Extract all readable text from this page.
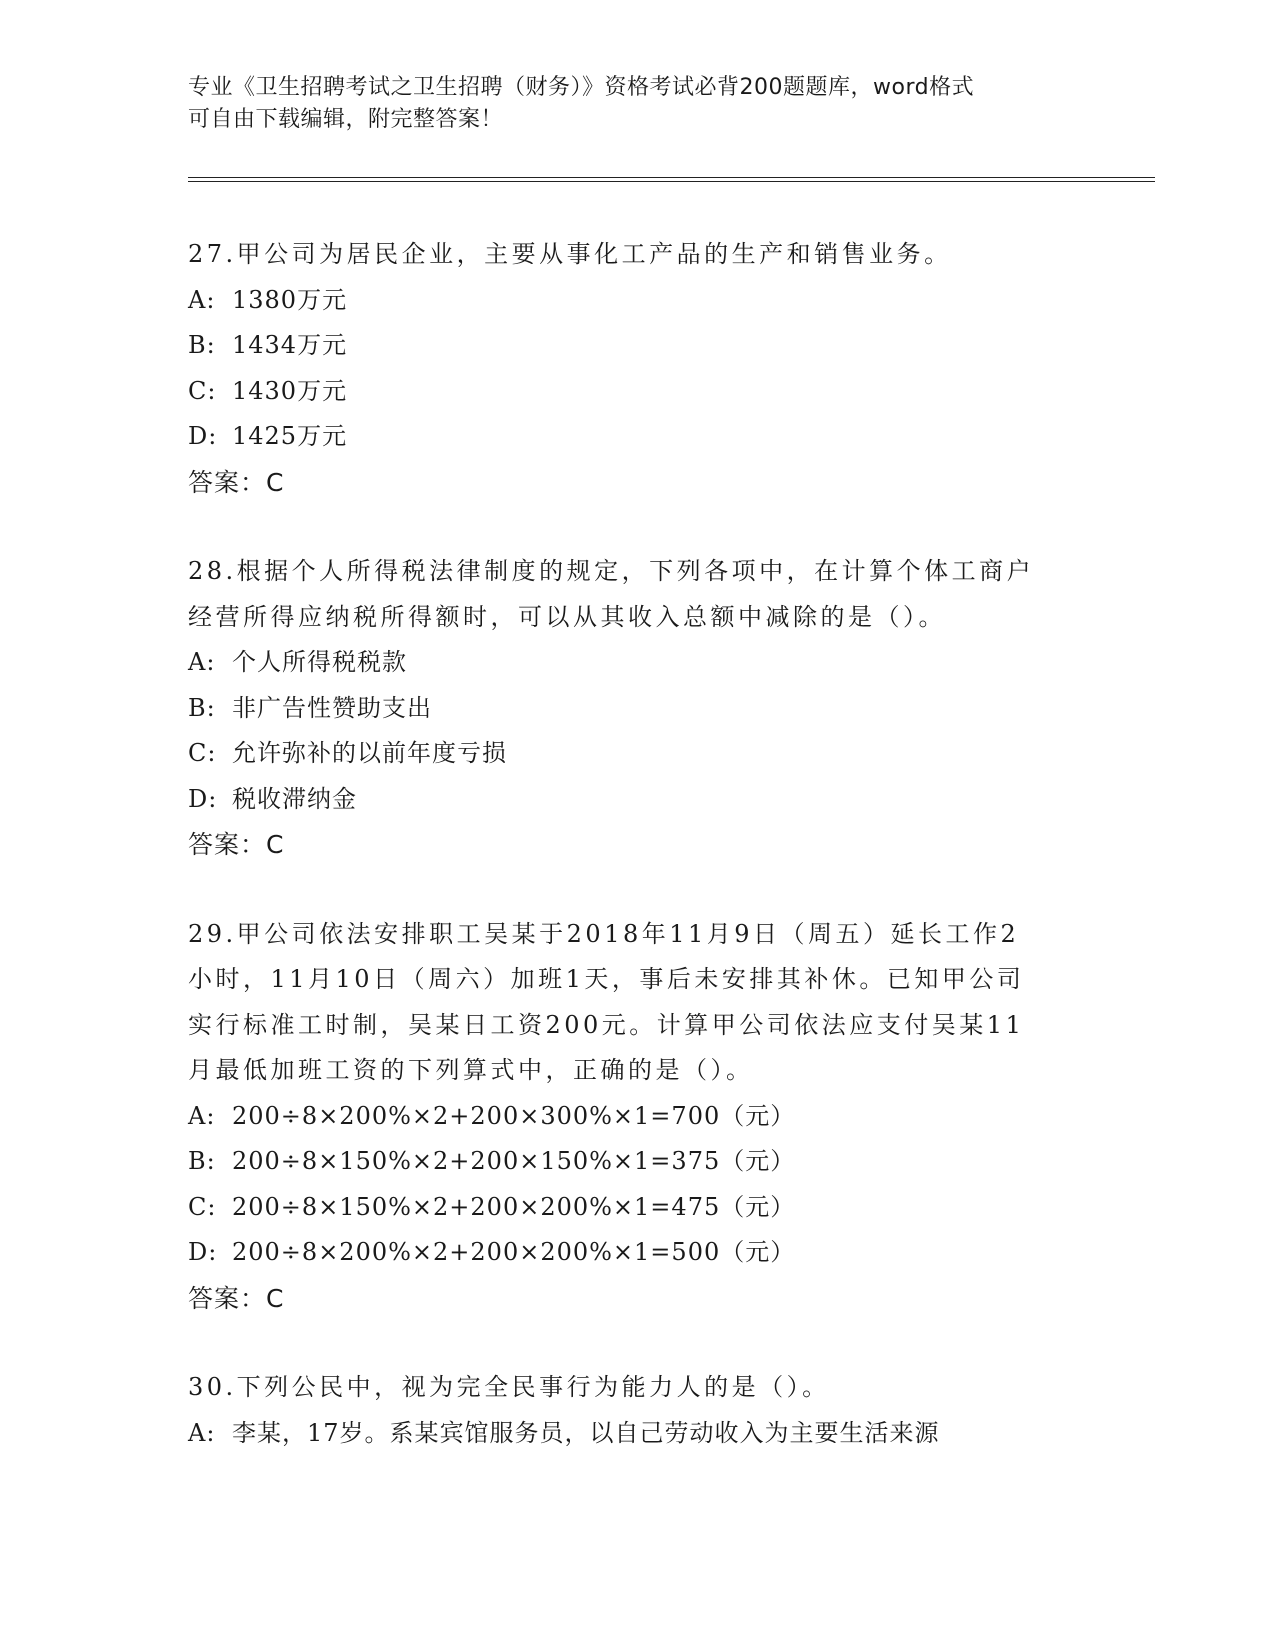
专业《卫生招聘考试之卫生招聘（财务）》资格考试必背200题题库，word格式
可自由下载编辑，附完整答案！
27.甲公司为居民企业，主要从事化工产品的生产和销售业务。
A: 1380万元
B: 1434万元
C: 1430万元
D: 1425万元
答案：C
28.根据个人所得税法律制度的规定，下列各项中，在计算个体工商户
经营所得应纳税所得额时，可以从其收入总额中减除的是（）。
A: 个人所得税税款
B: 非广告性赞助支出
C: 允许弥补的以前年度亏损
D: 税收滞纳金
答案：C
29.甲公司依法安排职工吴某于2018年11月9日（周五）延长工作2
小时，11月10日（周六）加班1天，事后未安排其补休。已知甲公司
实行标准工时制，吴某日工资200元。计算甲公司依法应支付吴某11
月最低加班工资的下列算式中，正确的是（）。
A: 200÷8×200%×2+200×300%×1=700（元）
B: 200÷8×150%×2+200×150%×1=375（元）
C: 200÷8×150%×2+200×200%×1=475（元）
D: 200÷8×200%×2+200×200%×1=500（元）
答案：C
30.下列公民中，视为完全民事行为能力人的是（）。
A: 李某，17岁。系某宾馆服务员，以自己劳动收入为主要生活来源
